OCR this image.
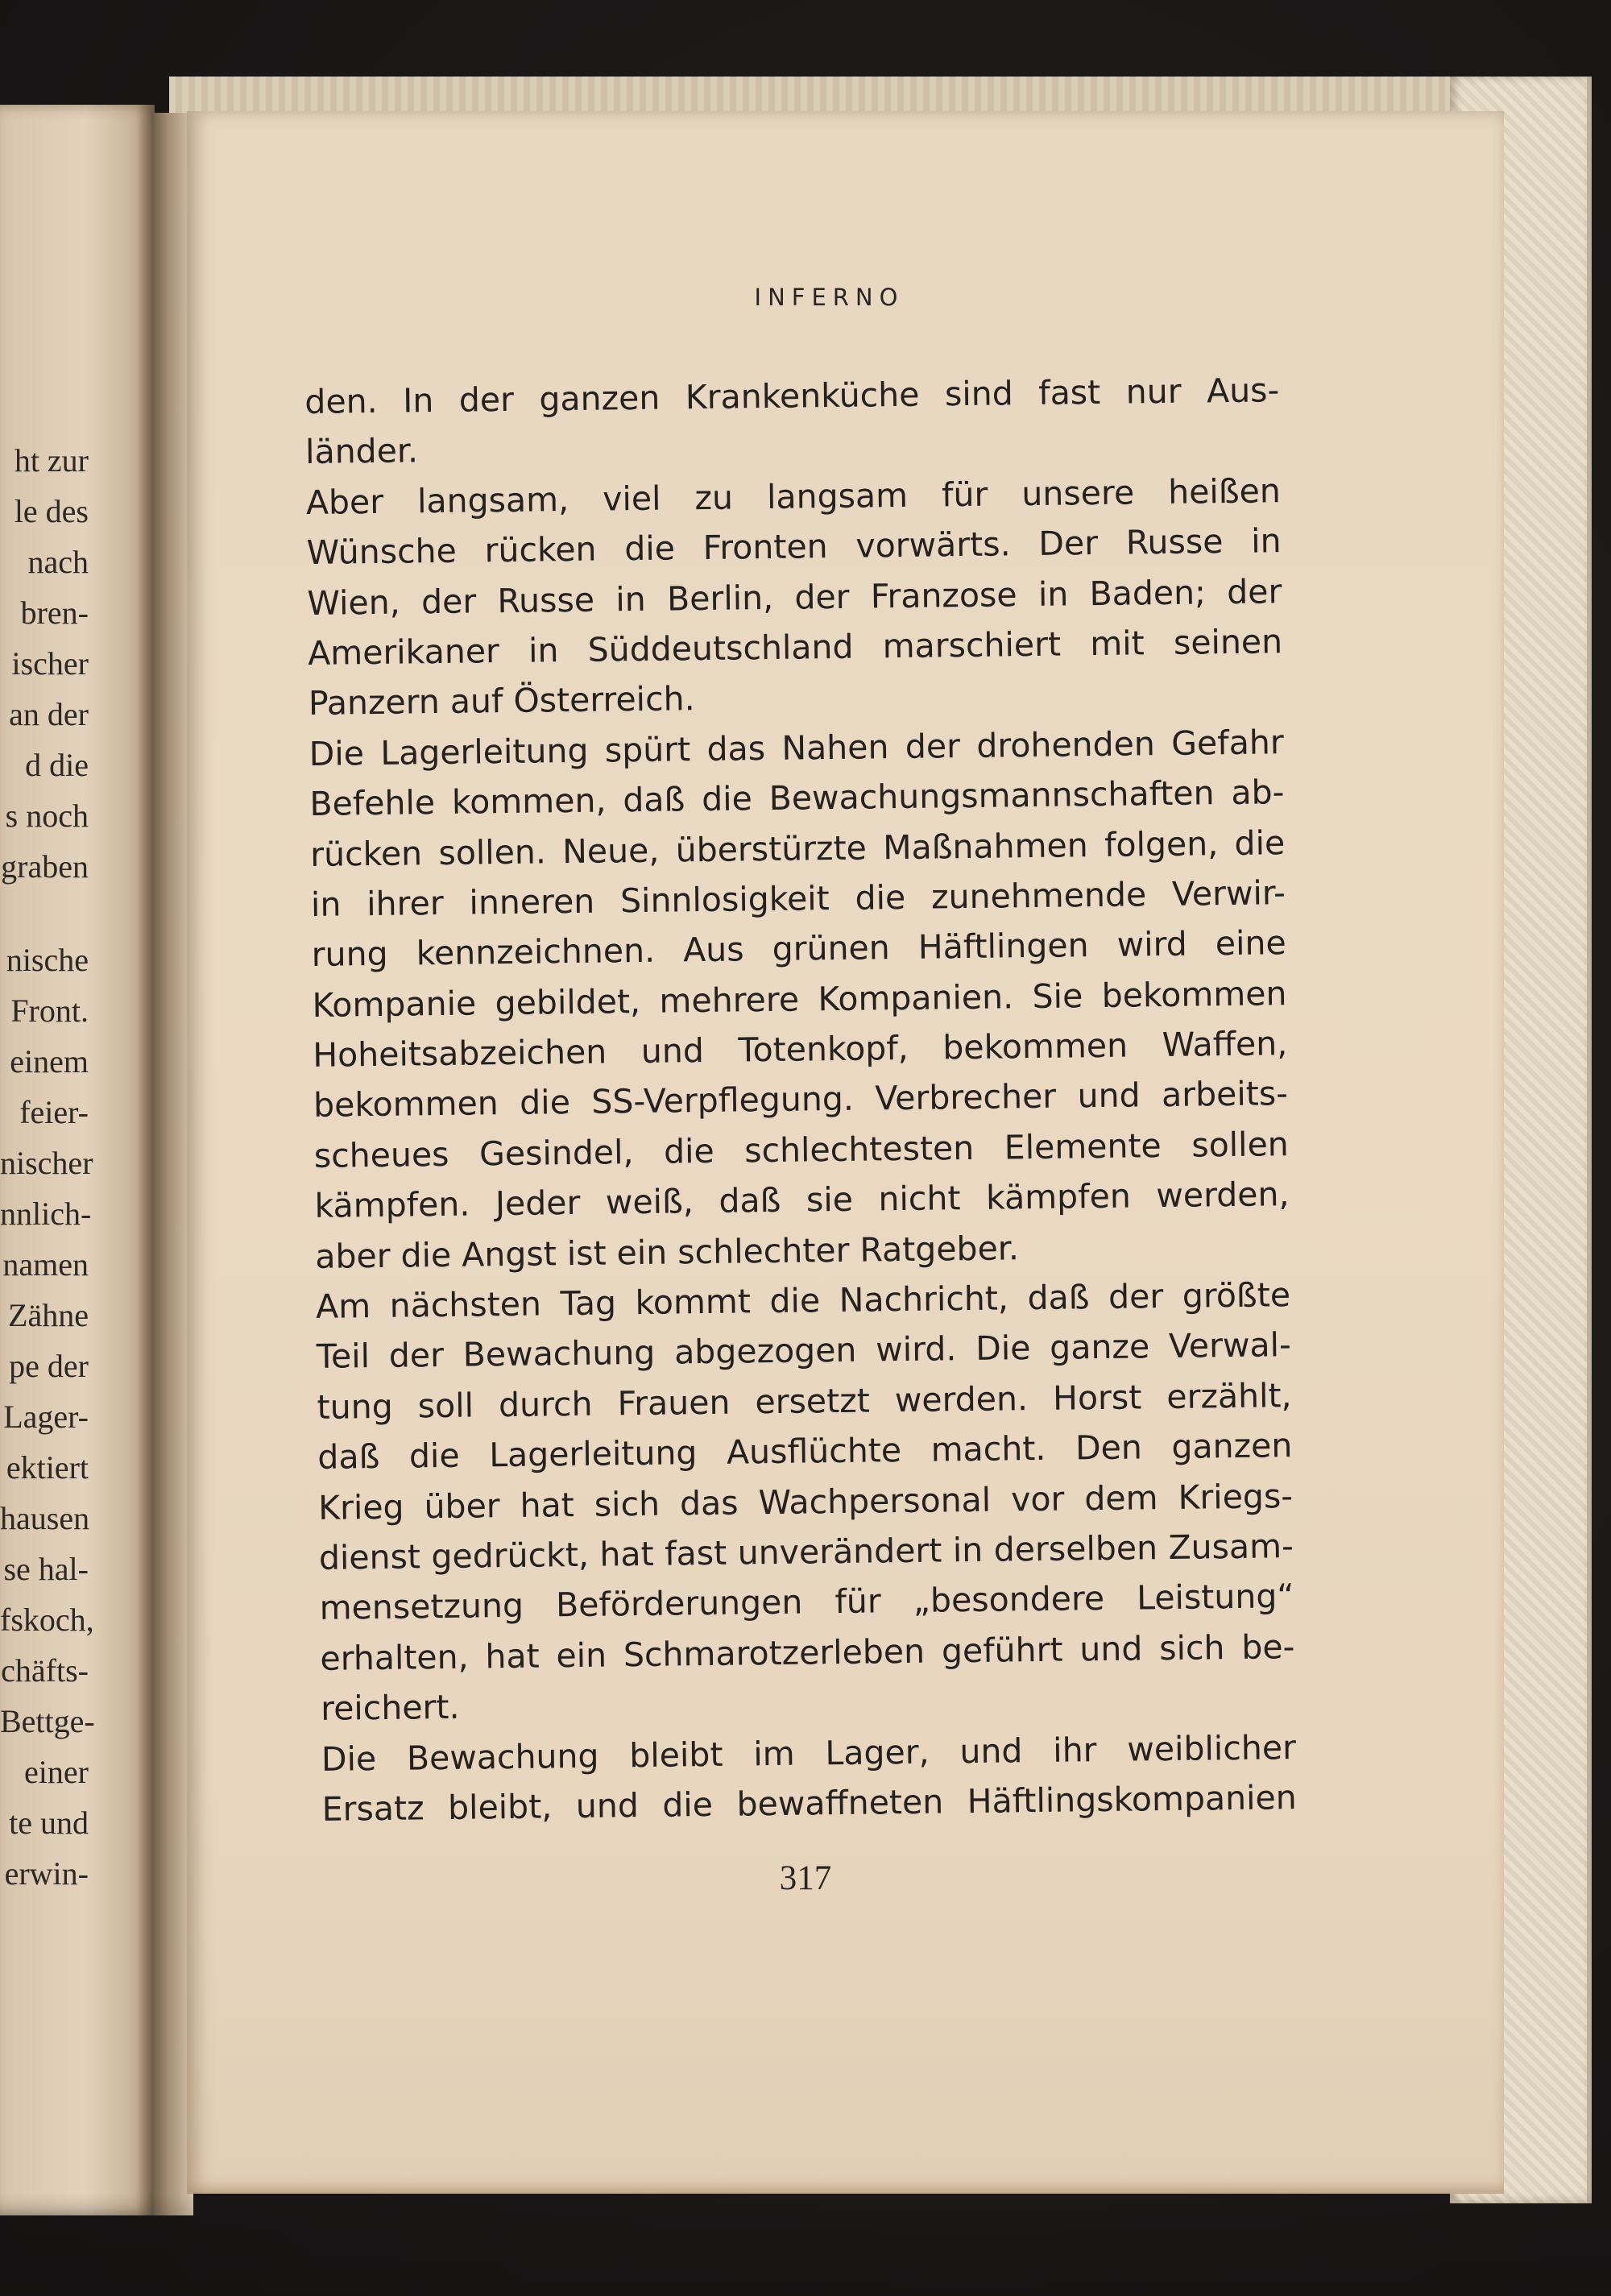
ht zur
le des
nach
bren-
ischer
an der
d die
s noch
graben
nische
Front.
einem
feier-
nischer
nnlich-
namen
Zähne
pe der
Lager-
ektiert
hausen
se hal-
fskoch,
chäfts-
Bettge-
einer
te und
erwin-
INFERNO
den. In der ganzen Krankenküche sind fast nur Aus-
länder.
Aber langsam, viel zu langsam für unsere heißen
Wünsche rücken die Fronten vorwärts. Der Russe in
Wien, der Russe in Berlin, der Franzose in Baden; der
Amerikaner in Süddeutschland marschiert mit seinen
Panzern auf Österreich.
Die Lagerleitung spürt das Nahen der drohenden Gefahr
Befehle kommen, daß die Bewachungsmannschaften ab-
rücken sollen. Neue, überstürzte Maßnahmen folgen, die
in ihrer inneren Sinnlosigkeit die zunehmende Verwir-
rung kennzeichnen. Aus grünen Häftlingen wird eine
Kompanie gebildet, mehrere Kompanien. Sie bekommen
Hoheitsabzeichen und Totenkopf, bekommen Waffen,
bekommen die SS-Verpflegung. Verbrecher und arbeits-
scheues Gesindel, die schlechtesten Elemente sollen
kämpfen. Jeder weiß, daß sie nicht kämpfen werden,
aber die Angst ist ein schlechter Ratgeber.
Am nächsten Tag kommt die Nachricht, daß der größte
Teil der Bewachung abgezogen wird. Die ganze Verwal-
tung soll durch Frauen ersetzt werden. Horst erzählt,
daß die Lagerleitung Ausflüchte macht. Den ganzen
Krieg über hat sich das Wachpersonal vor dem Kriegs-
dienst gedrückt, hat fast unverändert in derselben Zusam-
mensetzung Beförderungen für „besondere Leistung“
erhalten, hat ein Schmarotzerleben geführt und sich be-
reichert.
Die Bewachung bleibt im Lager, und ihr weiblicher
Ersatz bleibt, und die bewaffneten Häftlingskompanien
317
